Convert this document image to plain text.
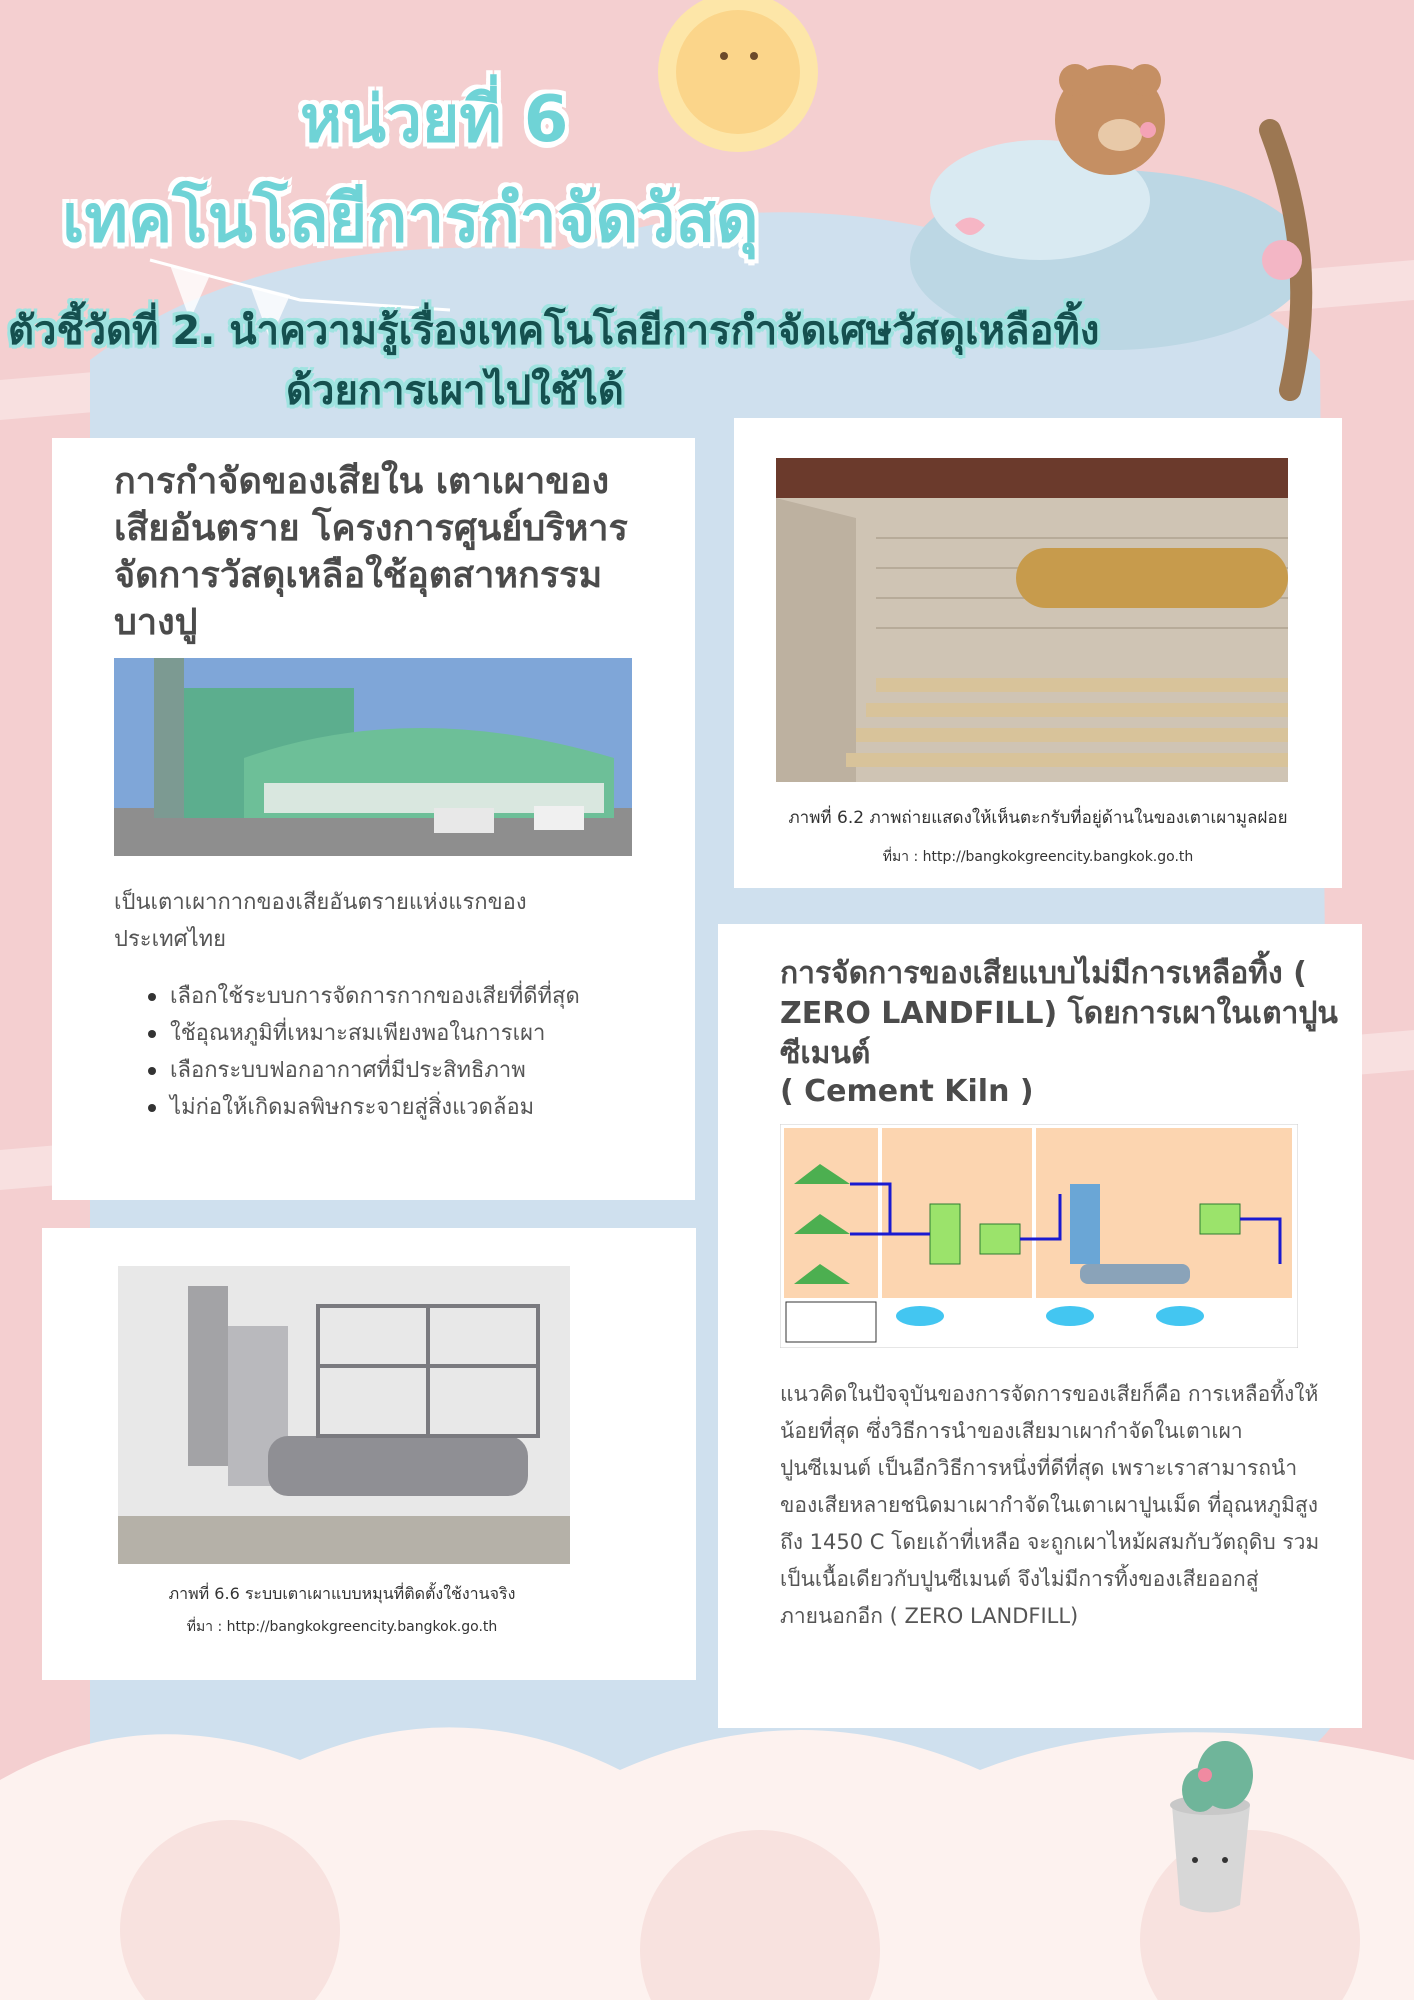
หน่วยที่ 6
เทคโนโลยีการกำจัดวัสดุ
ตัวชี้วัดที่ 2. นำความรู้เรื่องเทคโนโลยีการกำจัดเศษวัสดุเหลือทิ้ง
ด้วยการเผาไปใช้ได้
การกำจัดของเสียใน เตาเผาของเสียอันตราย โครงการศูนย์บริหารจัดการวัสดุเหลือใช้อุตสาหกรรม บางปู

เป็นเตาเผากากของเสียอันตรายแห่งแรกของประเทศไทย

เลือกใช้ระบบการจัดการกากของเสียที่ดีที่สุด
ใช้อุณหภูมิที่เหมาะสมเพียงพอในการเผา
เลือกระบบฟอกอากาศที่มีประสิทธิภาพ
ไม่ก่อให้เกิดมลพิษกระจายสู่สิ่งแวดล้อม

ภาพที่ 6.2 ภาพถ่ายแสดงให้เห็นตะกรับที่อยู่ด้านในของเตาเผามูลฝอย

ที่มา : http://bangkokgreencity.bangkok.go.th

ภาพที่ 6.6 ระบบเตาเผาแบบหมุนที่ติดตั้งใช้งานจริง

ที่มา : http://bangkokgreencity.bangkok.go.th

การจัดการของเสียแบบไม่มีการเหลือทิ้ง ( ZERO LANDFILL) โดยการเผาในเตาปูนซีเมนต์

( Cement Kiln )

แนวคิดในปัจจุบันของการจัดการของเสียก็คือ การเหลือทิ้งให้น้อยที่สุด ซึ่งวิธีการนำของเสียมาเผากำจัดในเตาเผาปูนซีเมนต์ เป็นอีกวิธีการหนึ่งที่ดีที่สุด เพราะเราสามารถนำของเสียหลายชนิดมาเผากำจัดในเตาเผาปูนเม็ด ที่อุณหภูมิสูงถึง 1450 C โดยเถ้าที่เหลือ จะถูกเผาไหม้ผสมกับวัตถุดิบ รวมเป็นเนื้อเดียวกับปูนซีเมนต์ จึงไม่มีการทิ้งของเสียออกสู่ภายนอกอีก ( ZERO LANDFILL)
